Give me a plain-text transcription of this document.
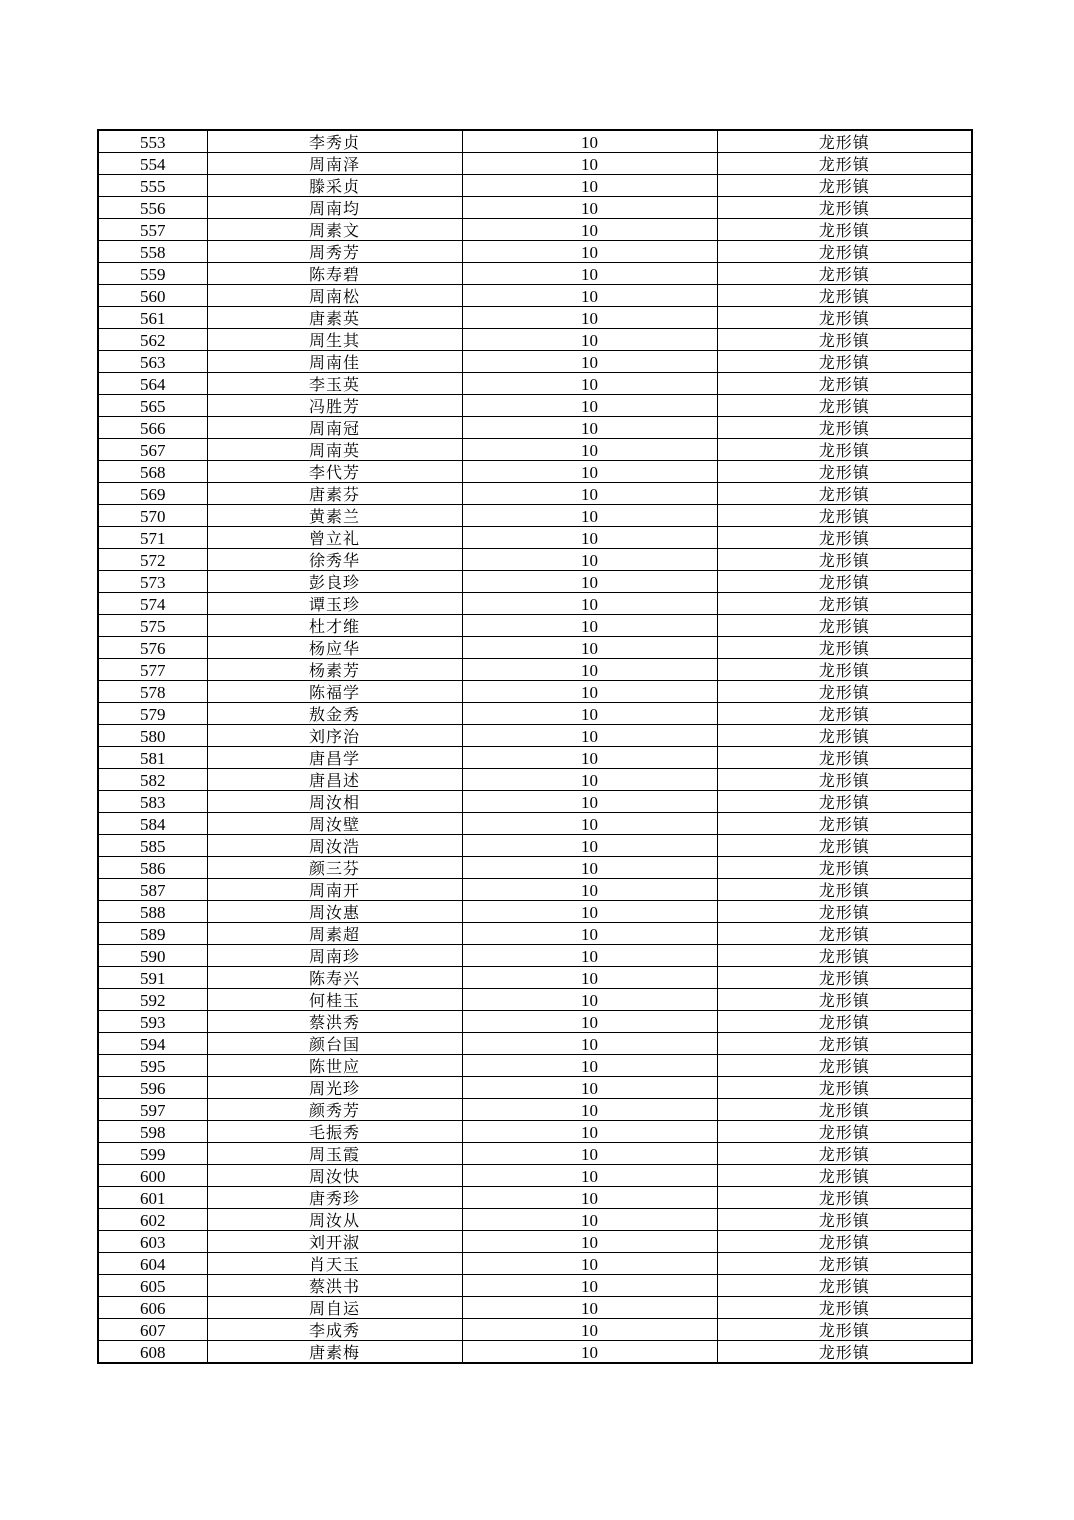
553	李秀贞	10	龙形镇
554	周南泽	10	龙形镇
555	滕采贞	10	龙形镇
556	周南均	10	龙形镇
557	周素文	10	龙形镇
558	周秀芳	10	龙形镇
559	陈寿碧	10	龙形镇
560	周南松	10	龙形镇
561	唐素英	10	龙形镇
562	周生其	10	龙形镇
563	周南佳	10	龙形镇
564	李玉英	10	龙形镇
565	冯胜芳	10	龙形镇
566	周南冠	10	龙形镇
567	周南英	10	龙形镇
568	李代芳	10	龙形镇
569	唐素芬	10	龙形镇
570	黄素兰	10	龙形镇
571	曾立礼	10	龙形镇
572	徐秀华	10	龙形镇
573	彭良珍	10	龙形镇
574	谭玉珍	10	龙形镇
575	杜才维	10	龙形镇
576	杨应华	10	龙形镇
577	杨素芳	10	龙形镇
578	陈福学	10	龙形镇
579	敖金秀	10	龙形镇
580	刘序治	10	龙形镇
581	唐昌学	10	龙形镇
582	唐昌述	10	龙形镇
583	周汝相	10	龙形镇
584	周汝壁	10	龙形镇
585	周汝浩	10	龙形镇
586	颜三芬	10	龙形镇
587	周南开	10	龙形镇
588	周汝惠	10	龙形镇
589	周素超	10	龙形镇
590	周南珍	10	龙形镇
591	陈寿兴	10	龙形镇
592	何桂玉	10	龙形镇
593	蔡洪秀	10	龙形镇
594	颜台国	10	龙形镇
595	陈世应	10	龙形镇
596	周光珍	10	龙形镇
597	颜秀芳	10	龙形镇
598	毛振秀	10	龙形镇
599	周玉霞	10	龙形镇
600	周汝快	10	龙形镇
601	唐秀珍	10	龙形镇
602	周汝从	10	龙形镇
603	刘开淑	10	龙形镇
604	肖天玉	10	龙形镇
605	蔡洪书	10	龙形镇
606	周自运	10	龙形镇
607	李成秀	10	龙形镇
608	唐素梅	10	龙形镇
